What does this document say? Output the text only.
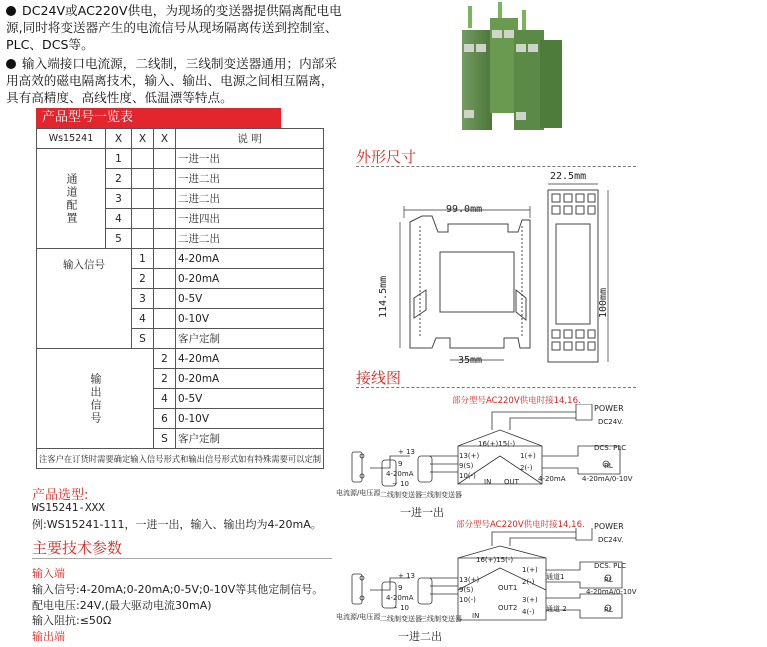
DC24V或AC220V供电，为现场的变送器提供隔离配电电源,同时将变送器产生的电流信号从现场隔离传送到控制室、PLC、DCS等。

输入端接口电流源，二线制，三线制变送器通用；内部采用高效的磁电隔离技术，输入、输出、电源之间相互隔离，具有高精度、高线性度、低温漂等特点。

产品型号一览表
Ws15241	X	X	X	说 明

通道配置	1			一进一出
	2			一进二出
	3			二进二出
	4			一进四出
	5			二进二出
输入信号		1		4-20mA
		2		0-20mA
		3		0-5V
		4		0-10V
		S		客户定制

输出信号			2	4-20mA
			2	0-20mA
			4	0-5V
			6	0-10V
			S	客户定制
注客户在订货时需要确定输入信号形式和输出信号形式如有特殊需要可以定制				
产品选型:
WS15241-XXX
例:WS15241-111，一进一出，输入、输出均为4-20mA。
主要技术参数
输入端
输入信号:4-20mA;0-20mA;0-5V;0-10V等其他定制信号。
配电电压:24V,(最大驱动电流30mA)
输入阻抗:≤50Ω
输出端
外形尺寸
99.0mm
114.5mm
35mm
22.5mm
100mm
接线图
部分型号AC220V供电时接14,16.
POWER
DC24V.
DCS. PLC
4-20mA/0-10V
4-20mA
RL
16(+)15(-)
13(+)
9(S)
10(-)
1(+)
2(-)
IN OUT
+ 13
9
− 10
4-20mA
电流源/电压源 二线制变送器
三线制变送器
一进一出
部分型号AC220V供电时接14,16. POWER
DC24V.
DCS. PLC
4-20mA/0-10V
RL
RL
通道1
通道 2
16(+)15(-)
13(+)
9(S)
10(-)
1(+)
2(-)
3(+)
4(-)
OUT1
OUT2
IN
+ 13
9
− 10
4-20mA
电流源/电压源 二线制变送器
三线制变送器
一进二出
